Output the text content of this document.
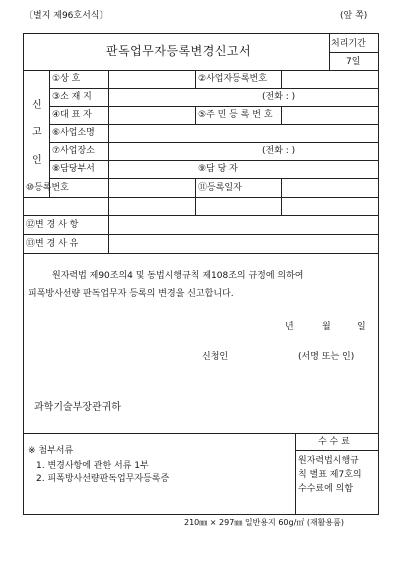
〔별지 제96호서식〕	(앞 쪽)
판독업무자등록변경신고서	처리기간
7일
신
고
인
①상 호	②사업자등록번호
③소 재 지	(전화 : )
④대 표 자	⑤주 민 등 록 번 호
⑥사업소명
⑦사업장소	(전화 : )
⑧담당부서	⑨담 당 자
⑩등록번호	⑪등록일자
⑫변 경 사 항
⑬변 경 사 유
원자력법 제90조의4 및 동법시행규칙 제108조의 규정에 의하여
피폭방사선량 판독업무자 등록의 변경을 신고합니다.
년	월	일
신청인	(서명 또는 인)
과학기술부장관귀하
※ 첨부서류
1. 변경사항에 관한 서류 1부
2. 피폭방사선량판독업무자등록증
수 수 료
원자력법시행규
칙 별표 제7호의
수수료에 의함
210㎜ × 297㎜ 일반용지 60g/㎡ (재활용품)
